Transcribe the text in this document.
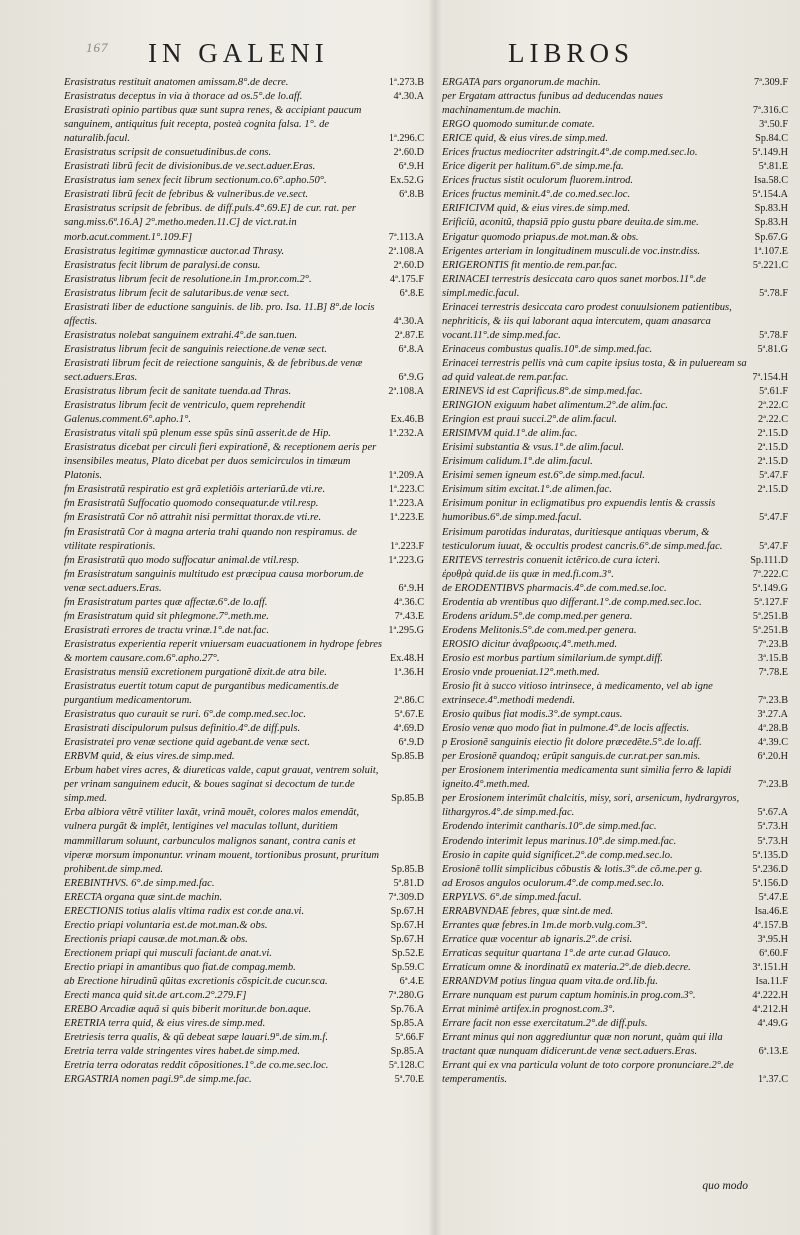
167 IN GALENI	LIBROS
Erasistratus restituit anatomen amissam.8°.de decre.	1ª.273.B
Erasistratus deceptus in via à thorace ad os.5°.de lo.aff.	4ª.30.A
Erasistrati opinio partibus quæ sunt supra renes, & accipiant paucum sanguinem, antiquitus fuit recepta, posteà cognita falsa. 1°. de naturalib.facul.	1ª.296.C
Erasistratus scripsit de consuetudinibus.de cons.	2ª.60.D
Erasistrati librũ fecit de divisionibus.de ve.sect.aduer.Eras.	6ª.9.H
Erasistratus iam senex fecit librum sectionum.co.6°.apho.50°.	Ex.52.G
Erasistrati librũ fecit de febribus & vulneribus.de ve.sect.	6ª.8.B
Erasistratus scripsit de febribus. de diff.puls.4°.69.E] de cur. rat. per sang.miss.6ª.16.A] 2°.metho.meden.11.C] de vict.rat.in morb.acut.comment.1°.109.F]	7ª.113.A
Erasistratus legitimæ gymnasticæ auctor.ad Thrasy.	2ª.108.A
Erasistratus fecit librum de paralysi.de consu.	2ª.60.D
Erasistratus librum fecit de resolutione.in 1m.pror.com.2°.	4ª.175.F
Erasistratus librum fecit de salutaribus.de venæ sect.	6ª.8.E
Erasistrati liber de eductione sanguinis. de lib. pro. Isa. 11.B] 8°.de locis affectis.	4ª.30.A
Erasistratus nolebat sanguinem extrahi.4°.de san.tuen.	2ª.87.E
Erasistratus librum fecit de sanguinis reiectione.de venæ sect.	6ª.8.A
Erasistrati librum fecit de reiectione sanguinis, & de febribus.de venæ sect.aduers.Eras.	6ª.9.G
Erasistratus librum fecit de sanitate tuenda.ad Thras.	2ª.108.A
Erasistratus librum fecit de ventriculo, quem reprehendit Galenus.comment.6°.apho.1°.	Ex.46.B
Erasistratus vitali spũ plenum esse spũs sinũ asserit.de de Hip.	1ª.232.A
Erasistratus dicebat per circuli fieri expirationẽ, & receptionem aeris per insensibiles meatus, Plato dicebat per duos semicirculos in timæum Platonis.	1ª.209.A
fm Erasistratũ respiratio est grã expletiõis arteriarũ.de vti.re.	1ª.223.C
fm Erasistratũ Suffocatio quomodo consequatur.de vtil.resp.	1ª.223.A
fm Erasistratũ Cor nõ attrahit nisi permittat thorax.de vti.re.	1ª.223.E
fm Erasistratũ Cor à magna arteria trahi quando non respiramus. de vtilitate respirationis.	1ª.223.F
fm Erasistratũ quo modo suffocatur animal.de vtil.resp.	1ª.223.G
fm Erasistratum sanguinis multitudo est præcipua causa morborum.de venæ sect.aduers.Eras.	6ª.9.H
fm Erasistratum partes quæ affectæ.6°.de lo.aff.	4ª.36.C
fm Erasistratum quid sit phlegmone.7°.meth.me.	7ª.43.E
Erasistrati errores de tractu vrinæ.1°.de nat.fac.	1ª.295.G
Erasistratus experientia reperit vniuersam euacuationem in hydrope febres & mortem causare.com.6°.apho.27°.	Ex.48.H
Erasistratus mensiũ excretionem purgationẽ dixit.de atra bile.	1ª.36.H
Erasistratus euertit totum caput de purgantibus medicamentis.de purgantium medicamentorum.	2ª.86.C
Erasistratus quo curauit se ruri. 6°.de comp.med.sec.loc.	5ª.67.E
Erasistrati discipulorum pulsus definitio.4°.de diff.puls.	4ª.69.D
Erasistratei pro venæ sectione quid agebant.de venæ sect.	6ª.9.D
ERBVM quid, & eius vires.de simp.med.	Sp.85.B
Erbum habet vires acres, & diureticas valde, caput grauat, ventrem soluit, per vrinam sanguinem educit, & boues saginat si decoctum de tur.de simp.med.	Sp.85.B
Erba albiora vẽtrẽ vtiliter laxãt, vrinã mouẽt, colores malos emendãt, vulnera purgãt & implẽt, lentigines vel maculas tollunt, duritiem mammillarum soluunt, carbunculos malignos sanant, contra canis et viperæ morsum imponuntur. vrinam mouent, tortionibus prosunt, pruritum prohibent.de simp.med.	Sp.85.B
EREBINTHVS. 6°.de simp.med.fac.	5ª.81.D
ERECTA organa quæ sint.de machin.	7ª.309.D
ERECTIONIS totius alalis vltima radix est cor.de ana.vi.	Sp.67.H
Erectio priapi voluntaria est.de mot.man.& obs.	Sp.67.H
Erectionis priapi causæ.de mot.man.& obs.	Sp.67.H
Erectionem priapi qui musculi faciant.de anat.vi.	Sp.52.E
Erectio priapi in amantibus quo fiat.de compag.memb.	Sp.59.C
ab Erectione hirudinũ qũitas excretionis cõspicit.de cucur.sca.	6ª.4.E
Erecti manca quid sit.de art.com.2°.279.F]	7ª.280.G
EREBO Arcadiæ aquã si quis biberit moritur.de bon.aque.	Sp.76.A
ERETRIA terra quid, & eius vires.de simp.med.	Sp.85.A
Eretriesis terra qualis, & qũ debeat sæpe lauari.9°.de sim.m.f.	5ª.66.F
Eretria terra valde stringentes vires habet.de simp.med.	Sp.85.A
Eretria terra odoratas reddit cõpositiones.1°.de co.me.sec.loc.	5ª.128.C
ERGASTRIA nomen pagi.9°.de simp.me.fac.	5ª.70.E
ERGATA pars organorum.de machin.	7ª.309.F
per Ergatam attractus funibus ad deducendas naues machinamentum.de machin.	7ª.316.C
ERGO quomodo sumitur.de comate.	3ª.50.F
ERICE quid, & eius vires.de simp.med.	Sp.84.C
Erices fructus mediocriter adstringit.4°.de comp.med.sec.lo.	5ª.149.H
Erice digerit per halitum.6°.de simp.me.fa.	5ª.81.E
Erices fructus sistit oculorum fluorem.introd.	Isa.58.C
Erices fructus meminit.4°.de co.med.sec.loc.	5ª.154.A
ERIFICIVM quid, & eius vires.de simp.med.	Sp.83.H
Erificiũ, aconitũ, thapsiã ppio gustu pbare deuita.de sim.me.	Sp.83.H
Erigatur quomodo priapus.de mot.man.& obs.	Sp.67.G
Erigentes arteriam in longitudinem musculi.de voc.instr.diss.	1ª.107.E
ERIGERONTIS fit mentio.de rem.par.fac.	5ª.221.C
ERINACEI terrestris desiccata caro quos sanet morbos.11°.de simpl.medic.facul.	5ª.78.F
Erinacei terrestris desiccata caro prodest conuulsionem patientibus, nephriticis, & iis qui laborant aqua intercutem, quam anasarca vocant.11°.de simp.med.fac.	5ª.78.F
Erinaceus combustus qualis.10°.de simp.med.fac.	5ª.81.G
Erinacei terrestris pellis vnà cum capite ipsius tosta, & in pulueream sa ad quid valeat.de rem.par.fac.	7ª.154.H
ERINEVS id est Caprificus.8°.de simp.med.fac.	5ª.61.F
ERINGION exiguum habet alimentum.2°.de alim.fac.	2ª.22.C
Eringion est praui succi.2°.de alim.facul.	2ª.22.C
ERISIMVM quid.1°.de alim.fac.	2ª.15.D
Erisimi substantia & vsus.1°.de alim.facul.	2ª.15.D
Erisimum calidum.1°.de alim.facul.	2ª.15.D
Erisimi semen igneum est.6°.de simp.med.facul.	5ª.47.F
Erisimum sitim excitat.1°.de alimen.fac.	2ª.15.D
Erisimum ponitur in ecligmatibus pro expuendis lentis & crassis humoribus.6°.de simp.med.facul.	5ª.47.F
Erisimum parotidas induratas, duritiesque antiquas vberum, & testiculorum iuuat, & occultis prodest cancris.6°.de simp.med.fac.	5ª.47.F
ERITEVS terrestris conuenit ictẽrico.de cura icteri.	Sp.111.D
ἐρυθρὰ quid.de iis quæ in med.fi.com.3°.	7ª.222.C
de ERODENTIBVS pharmacis.4°.de com.med.se.loc.	5ª.149.G
Erodentia ab vrentibus quo differant.1°.de comp.med.sec.loc.	5ª.127.F
Erodens aridum.5°.de comp.med.per genera.	5ª.251.B
Erodens Melitonis.5°.de com.med.per genera.	5ª.251.B
EROSIO dicitur ἀναβρωσις.4°.meth.med.	7ª.23.B
Erosio est morbus partium similarium.de sympt.diff.	3ª.15.B
Erosio vnde proueniat.12°.meth.med.	7ª.78.E
Erosio fit à succo vitioso intrinsece, à medicamento, vel ab igne extrinsece.4°.methodi medendi.	7ª.23.B
Erosio quibus fiat modis.3°.de sympt.caus.	3ª.27.A
Erosio venæ quo modo fiat in pulmone.4°.de locis affectis.	4ª.28.B
p Erosionẽ sanguinis eiectio fit dolore præcedẽte.5°.de lo.aff.	4ª.39.C
per Erosionẽ quandoq; erũpit sanguis.de cur.rat.per san.mis.	6ª.20.H
per Erosionem interimentia medicamenta sunt similia ferro & lapidi igneito.4°.meth.med.	7ª.23.B
per Erosionem interimũt chalcitis, misy, sori, arsenicum, hydrargyros, lithargyros.4°.de simp.med.fac.	5ª.67.A
Erodendo interimit cantharis.10°.de simp.med.fac.	5ª.73.H
Erodendo interimit lepus marinus.10°.de simp.med.fac.	5ª.73.H
Erosio in capite quid significet.2°.de comp.med.sec.lo.	5ª.135.D
Erosionẽ tollit simplicibus cõbustis & lotis.3°.de cõ.me.per g.	5ª.236.D
ad Erosos angulos oculorum.4°.de comp.med.sec.lo.	5ª.156.D
ERPYLVS. 6°.de simp.med.facul.	5ª.47.E
ERRABVNDAE febres, quæ sint.de med.	Isa.46.E
Errantes quæ febres.in 1m.de morb.vulg.com.3°.	4ª.157.B
Erratice quæ vocentur ab ignaris.2°.de crisi.	3ª.95.H
Erraticas sequitur quartana 1°.de arte cur.ad Glauco.	6ª.60.F
Erraticum omne & inordinatũ ex materia.2°.de dieb.decre.	3ª.151.H
ERRANDVM potius lingua quam vita.de ord.lib.fu.	Isa.11.F
Errare nunquam est purum captum hominis.in prog.com.3°.	4ª.222.H
Errat minimè artifex.in prognost.com.3°.	4ª.212.H
Errare facit non esse exercitatum.2°.de diff.puls.	4ª.49.G
Errant minus qui non aggrediuntur quæ non norunt, quàm qui illa tractant quæ nunquam didicerunt.de venæ sect.aduers.Eras.	6ª.13.E
Errant qui ex vna particula volunt de toto corpore pronunciare.2°.de temperamentis.	1ª.37.C
quo modo
